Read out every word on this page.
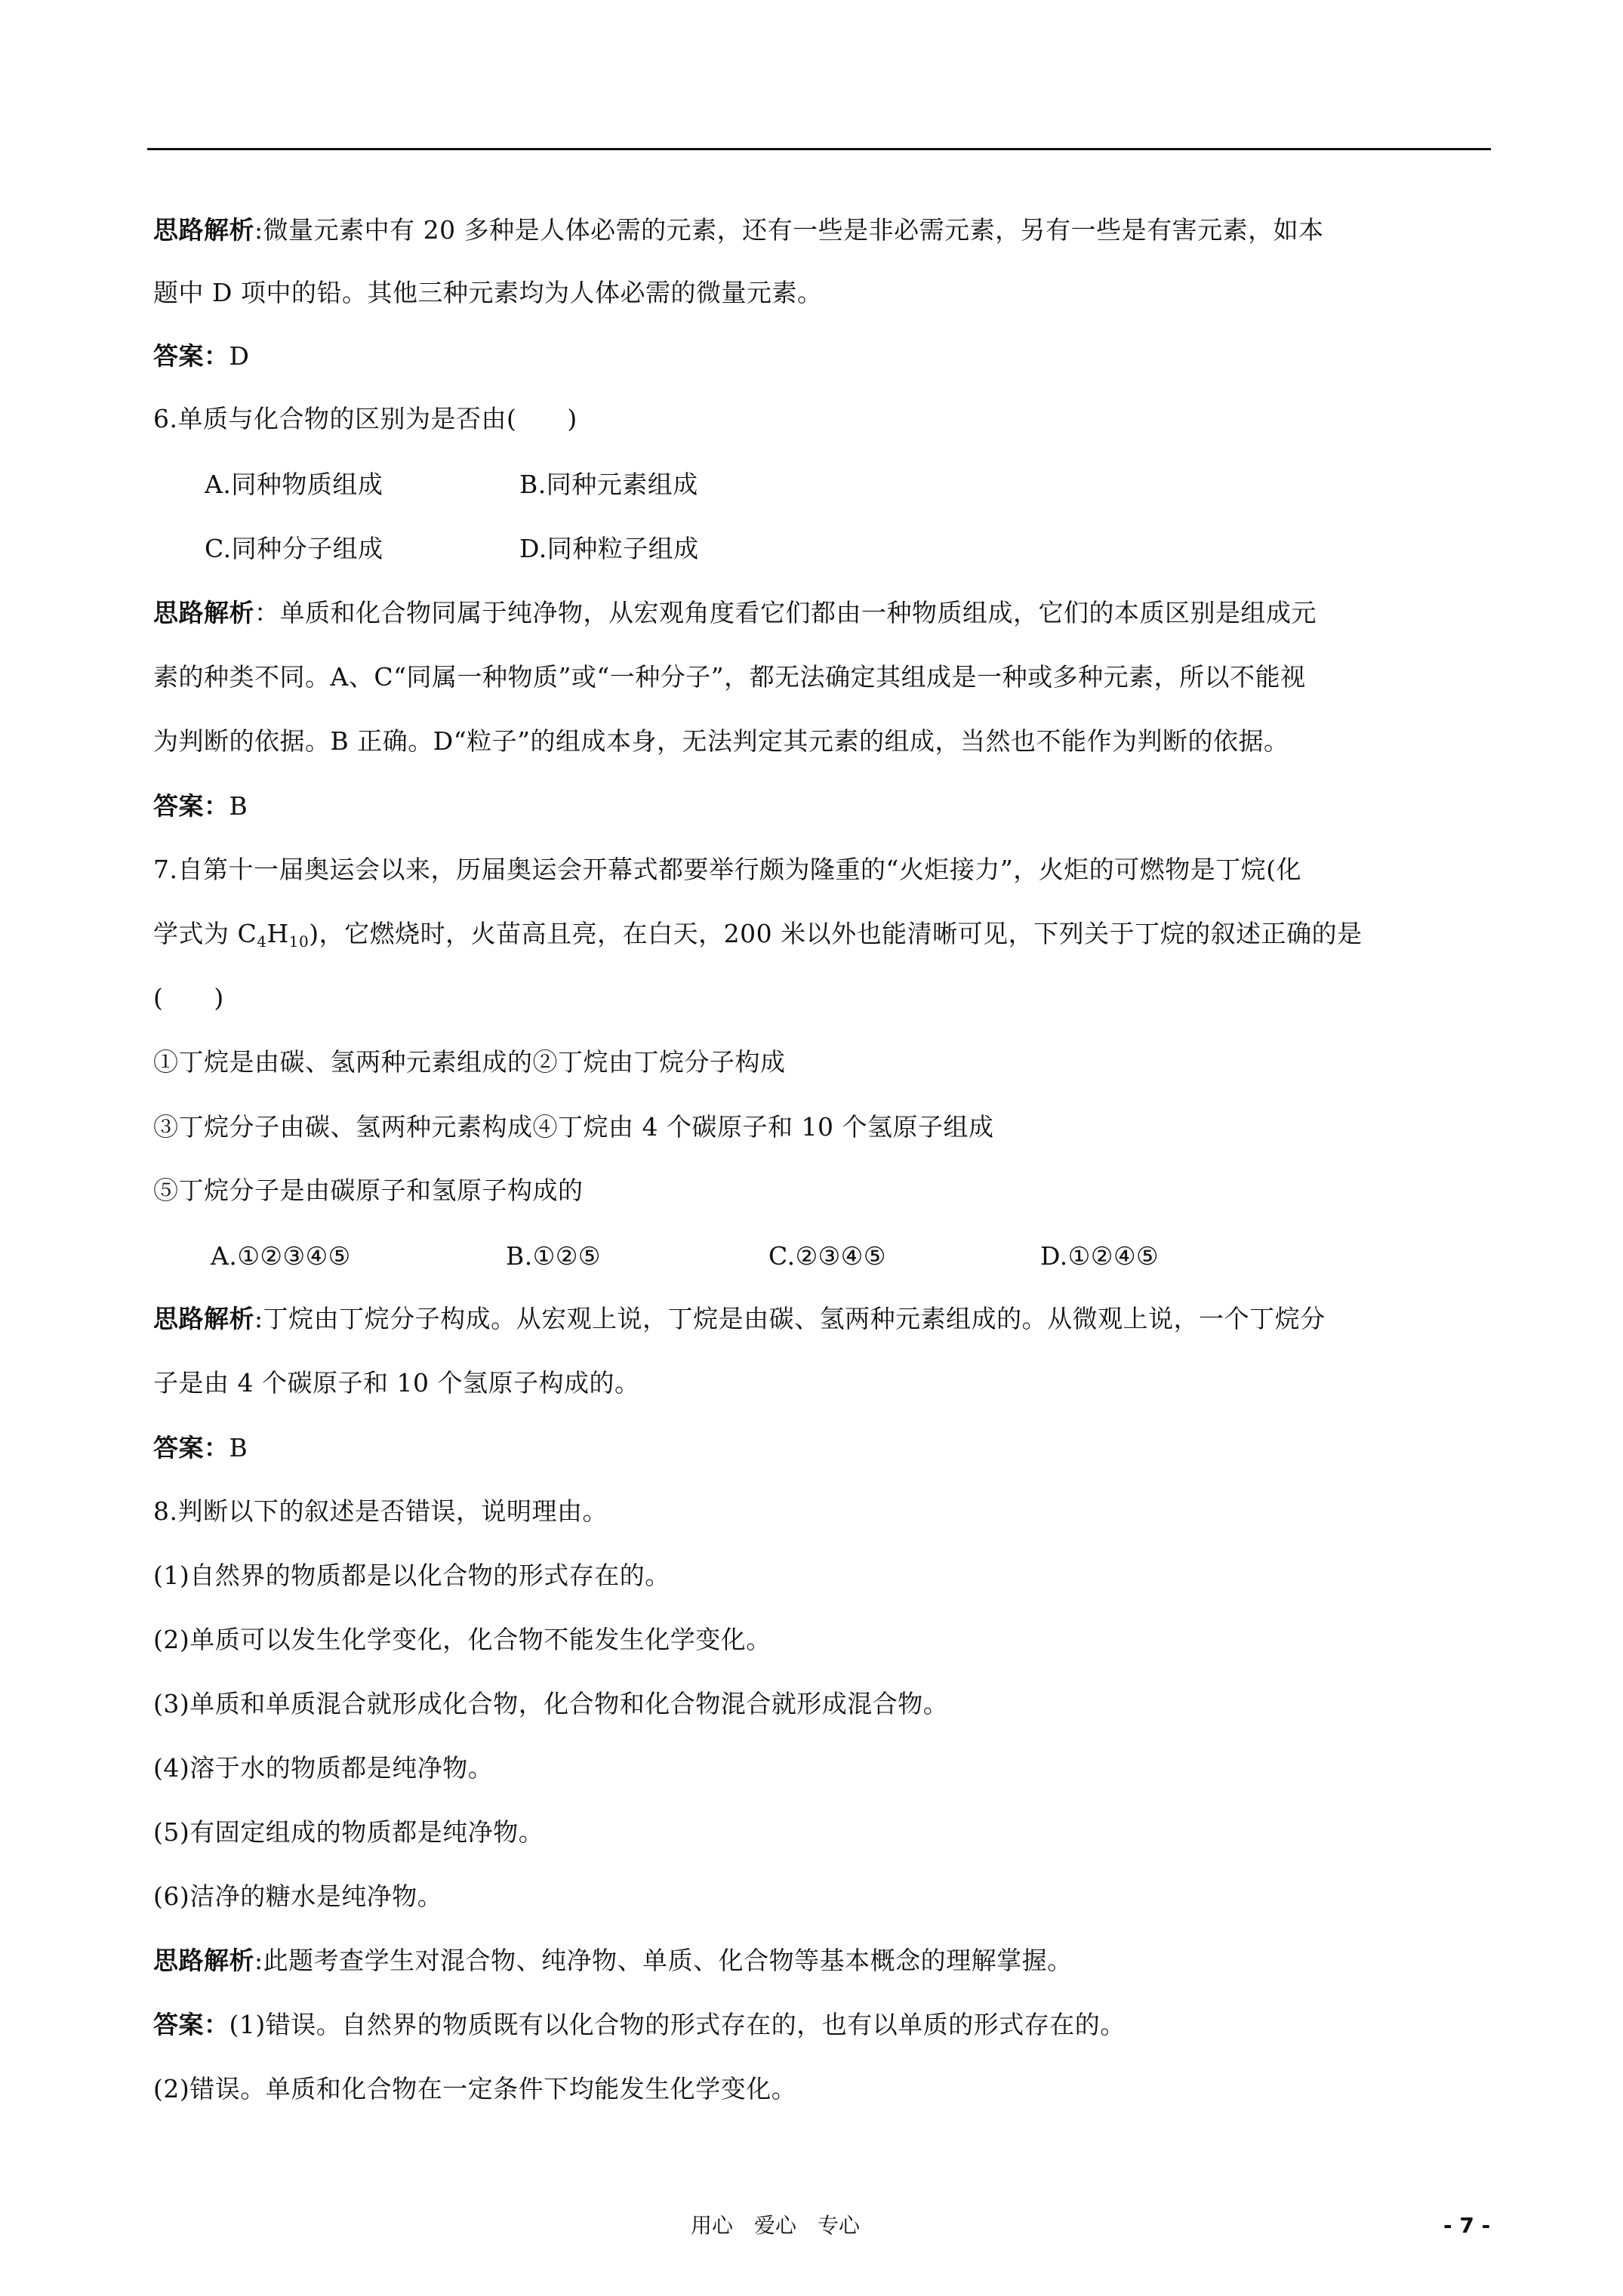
思路解析:微量元素中有 20 多种是人体必需的元素，还有一些是非必需元素，另有一些是有害元素，如本
题中 D 项中的铅。其他三种元素均为人体必需的微量元素。
答案：D
6.单质与化合物的区别为是否由(　　)
A.同种物质组成	B.同种元素组成
C.同种分子组成	D.同种粒子组成
思路解析：单质和化合物同属于纯净物，从宏观角度看它们都由一种物质组成，它们的本质区别是组成元
素的种类不同。A、C“同属一种物质”或“一种分子”，都无法确定其组成是一种或多种元素，所以不能视
为判断的依据。B 正确。D“粒子”的组成本身，无法判定其元素的组成，当然也不能作为判断的依据。
答案：B
7.自第十一届奥运会以来，历届奥运会开幕式都要举行颇为隆重的“火炬接力”，火炬的可燃物是丁烷(化
学式为 $C_4H_{10}$)，它燃烧时，火苗高且亮，在白天，200 米以外也能清晰可见，下列关于丁烷的叙述正确的是
(　　)
①丁烷是由碳、氢两种元素组成的②丁烷由丁烷分子构成
③丁烷分子由碳、氢两种元素构成④丁烷由 4 个碳原子和 10 个氢原子组成
⑤丁烷分子是由碳原子和氢原子构成的
A.①②③④⑤	B.①②⑤	C.②③④⑤	D.①②④⑤
思路解析:丁烷由丁烷分子构成。从宏观上说，丁烷是由碳、氢两种元素组成的。从微观上说，一个丁烷分
子是由 4 个碳原子和 10 个氢原子构成的。
答案：B
8.判断以下的叙述是否错误，说明理由。
(1)自然界的物质都是以化合物的形式存在的。
(2)单质可以发生化学变化，化合物不能发生化学变化。
(3)单质和单质混合就形成化合物，化合物和化合物混合就形成混合物。
(4)溶于水的物质都是纯净物。
(5)有固定组成的物质都是纯净物。
(6)洁净的糖水是纯净物。
思路解析:此题考查学生对混合物、纯净物、单质、化合物等基本概念的理解掌握。
答案：(1)错误。自然界的物质既有以化合物的形式存在的，也有以单质的形式存在的。
(2)错误。单质和化合物在一定条件下均能发生化学变化。
用心　爱心　专心	- 7 -
